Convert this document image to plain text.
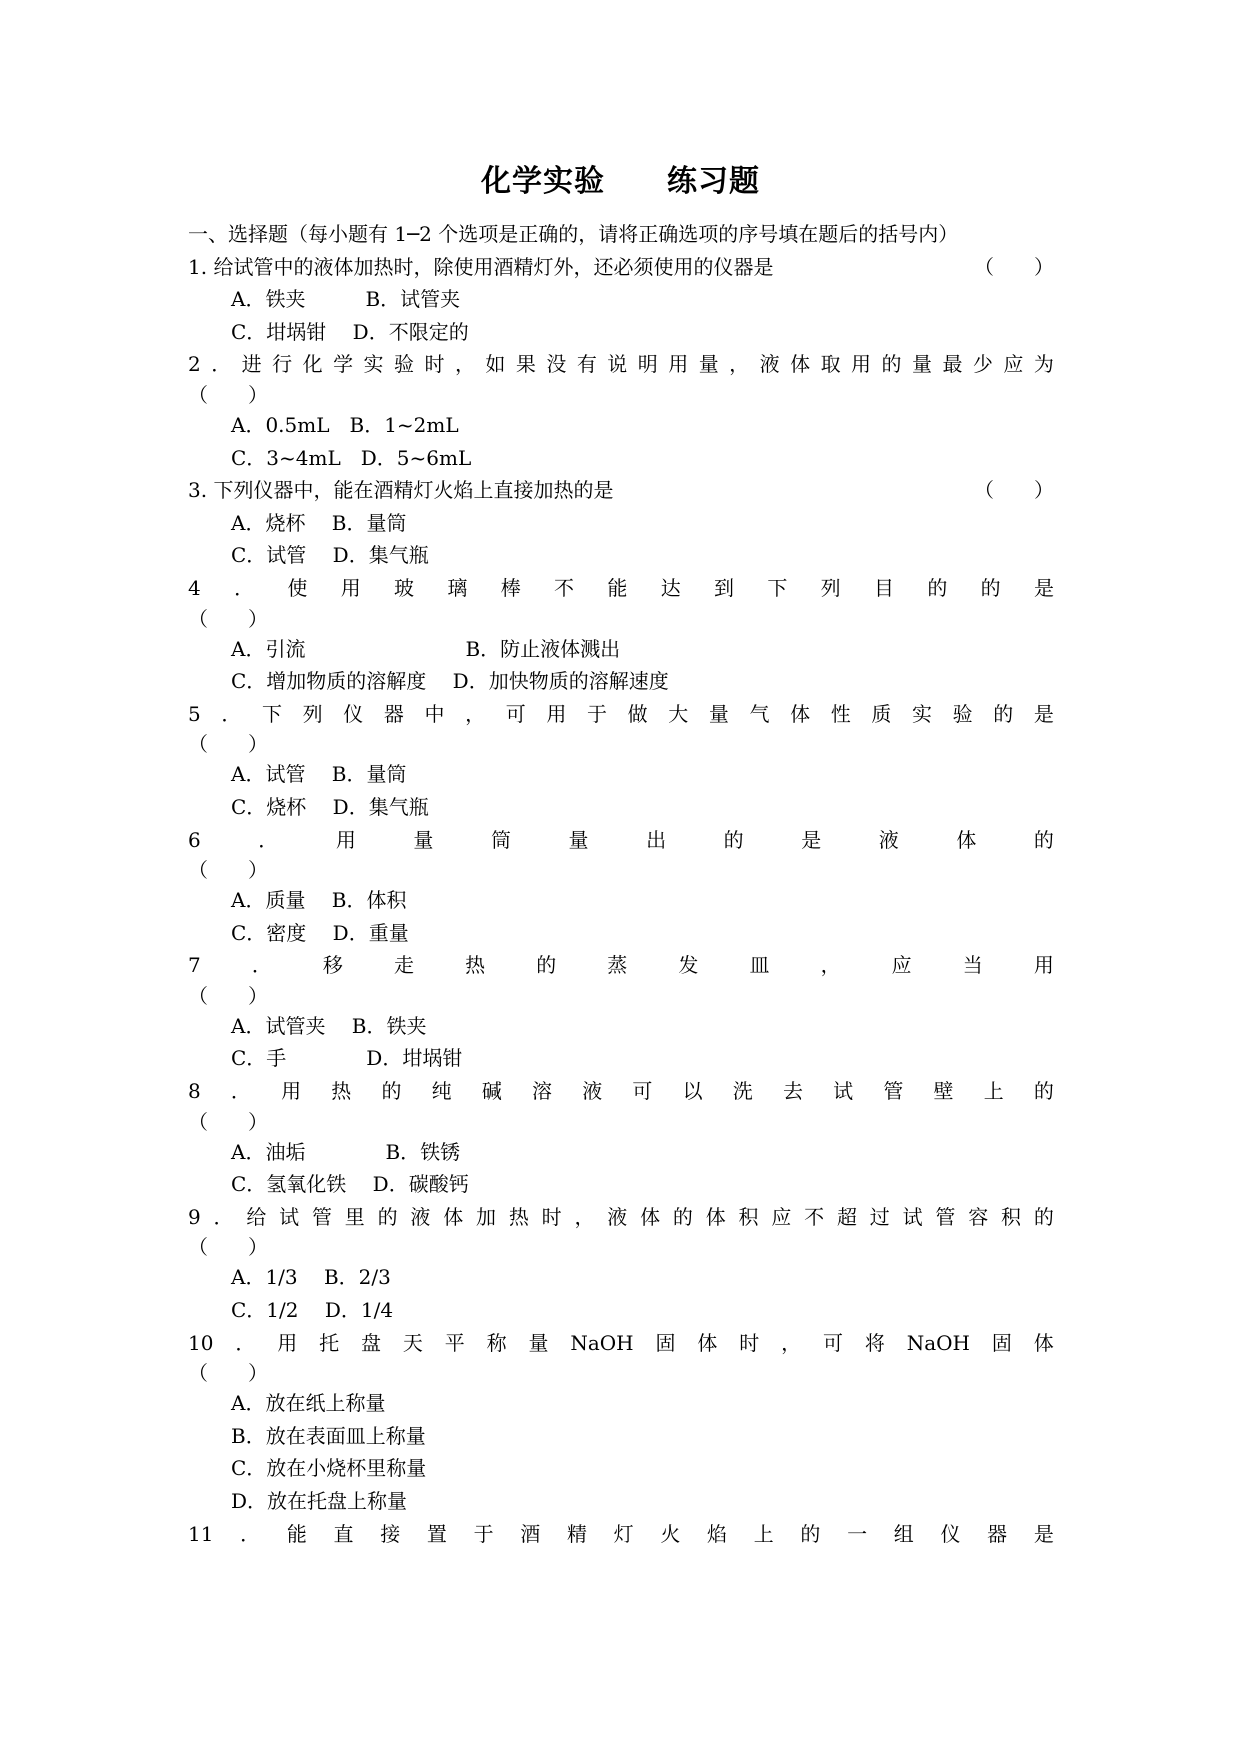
化学实验　　练习题
一、选择题（每小题有 1─2 个选项是正确的，请将正确选项的序号填在题后的括号内）
1. 给试管中的液体加热时，除使用酒精灯外，还必须使用的仪器是	（　　）
A．铁夹　　　B．试管夹
C．坩埚钳　 D．不限定的
2 ． 进 行 化 学 实 验 时 ， 如 果 没 有 说 明 用 量 ， 液 体 取 用 的 量 最 少 应 为
（　　）
A．0.5mL　B．1~2mL
C．3~4mL　D．5~6mL
3. 下列仪器中，能在酒精灯火焰上直接加热的是	（　　）
A．烧杯　 B．量筒
C．试管　 D．集气瓶
4 ． 使 用 玻 璃 棒 不 能 达 到 下 列 目 的 的 是
（　　）
A．引流　　　　　　　　B．防止液体溅出
C．增加物质的溶解度　 D．加快物质的溶解速度
5 ． 下 列 仪 器 中 ， 可 用 于 做 大 量 气 体 性 质 实 验 的 是
（　　）
A．试管　 B．量筒
C．烧杯　 D．集气瓶
6	．	用	量	筒	量	出	的	是	液	体	的
（　　）
A．质量　 B．体积
C．密度　 D．重量
7	．	移	走	热	的	蒸	发	皿	，	应	当	用
（　　）
A．试管夹　 B．铁夹
C．手　　　　D．坩埚钳
8 ． 用 热 的 纯 碱 溶 液 可 以 洗 去 试 管 壁 上 的
（　　）
A．油垢　　　　B．铁锈
C．氢氧化铁　 D．碳酸钙
9 ． 给 试 管 里 的 液 体 加 热 时 ， 液 体 的 体 积 应 不 超 过 试 管 容 积 的
（　　）
A．1/3　 B．2/3
C．1/2　 D．1/4
10 ． 用 托 盘 天 平 称 量 NaOH 固 体 时 ， 可 将 NaOH 固 体
（　　）
A．放在纸上称量
B．放在表面皿上称量
C．放在小烧杯里称量
D．放在托盘上称量
11 ． 能 直 接 置 于 酒 精 灯 火 焰 上 的 一 组 仪 器 是
